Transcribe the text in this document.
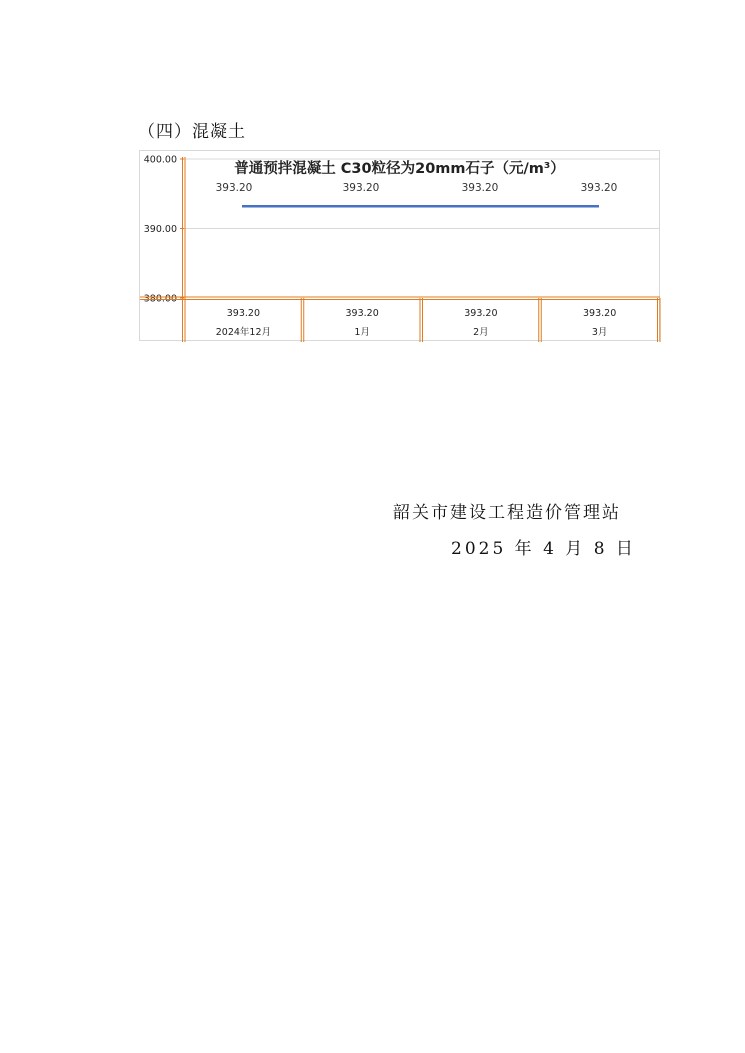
（四）混凝土
400.00
390.00
380.00
393.20	393.20	393.20	393.20
393.20	393.20	393.20	393.20
2024年12月	1月	2月	3月
普通预拌混凝土 C30粒径为20mm石子（元/m³）
韶关市建设工程造价管理站
2025 年 4 月 8 日
